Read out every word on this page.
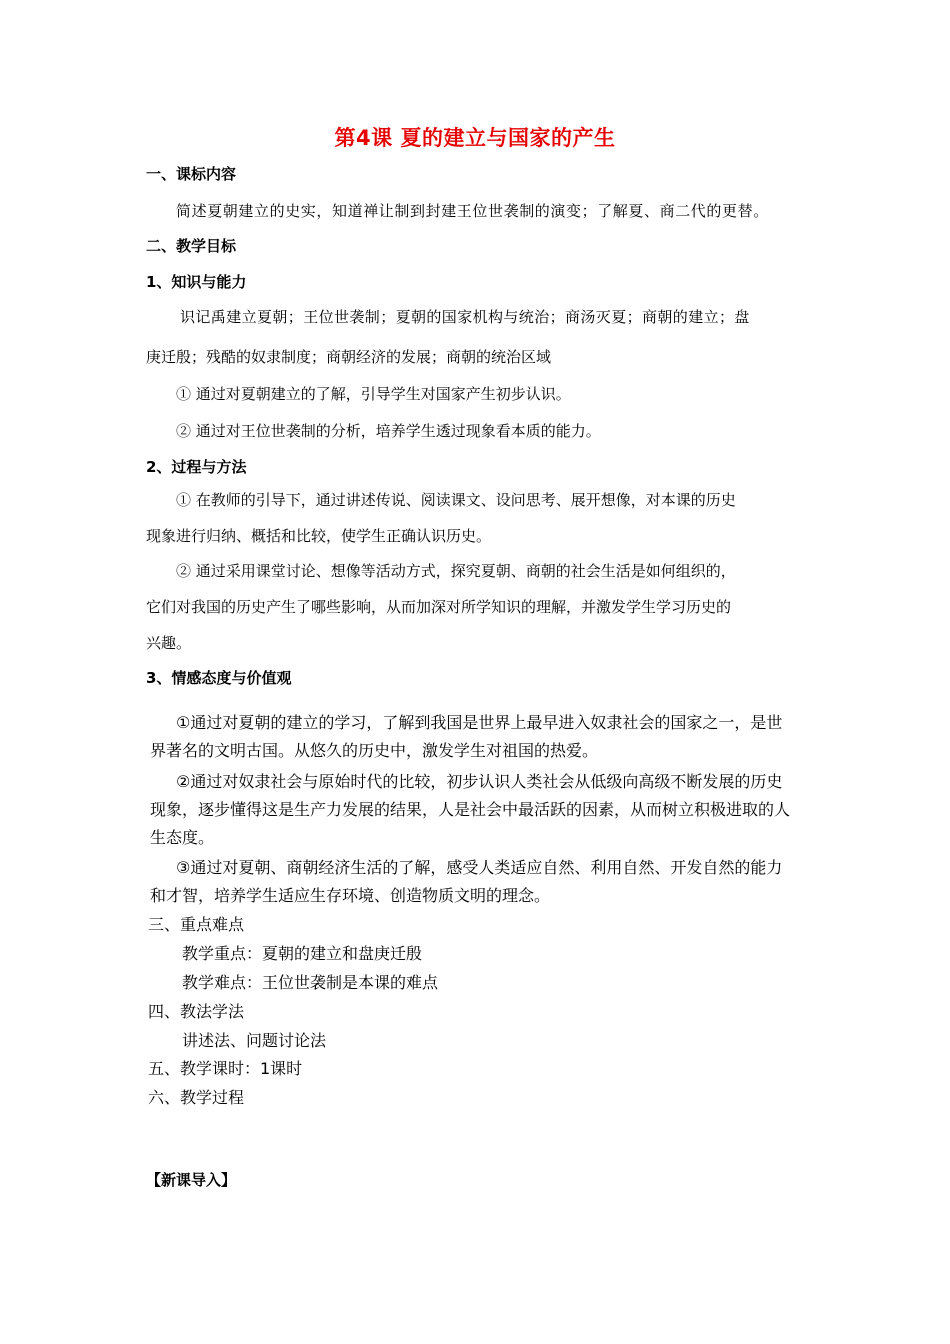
第4课 夏的建立与国家的产生
一、课标内容
简述夏朝建立的史实，知道禅让制到封建王位世袭制的演变；了解夏、商二代的更替。
二、教学目标
1、知识与能力
识记禹建立夏朝；王位世袭制；夏朝的国家机构与统治；商汤灭夏；商朝的建立；盘
庚迁殷；残酷的奴隶制度；商朝经济的发展；商朝的统治区域
① 通过对夏朝建立的了解，引导学生对国家产生初步认识。
② 通过对王位世袭制的分析，培养学生透过现象看本质的能力。
2、过程与方法
① 在教师的引导下，通过讲述传说、阅读课文、设问思考、展开想像，对本课的历史
现象进行归纳、概括和比较，使学生正确认识历史。
② 通过采用课堂讨论、想像等活动方式，探究夏朝、商朝的社会生活是如何组织的，
它们对我国的历史产生了哪些影响，从而加深对所学知识的理解，并激发学生学习历史的
兴趣。
3、情感态度与价值观
①通过对夏朝的建立的学习，了解到我国是世界上最早进入奴隶社会的国家之一，是世
界著名的文明古国。从悠久的历史中，激发学生对祖国的热爱。
②通过对奴隶社会与原始时代的比较，初步认识人类社会从低级向高级不断发展的历史
现象，逐步懂得这是生产力发展的结果，人是社会中最活跃的因素，从而树立积极进取的人
生态度。
③通过对夏朝、商朝经济生活的了解，感受人类适应自然、利用自然、开发自然的能力
和才智，培养学生适应生存环境、创造物质文明的理念。
三、重点难点
教学重点：夏朝的建立和盘庚迁殷
教学难点：王位世袭制是本课的难点
四、教法学法
讲述法、问题讨论法
五、教学课时：1课时
六、教学过程
【新课导入】
